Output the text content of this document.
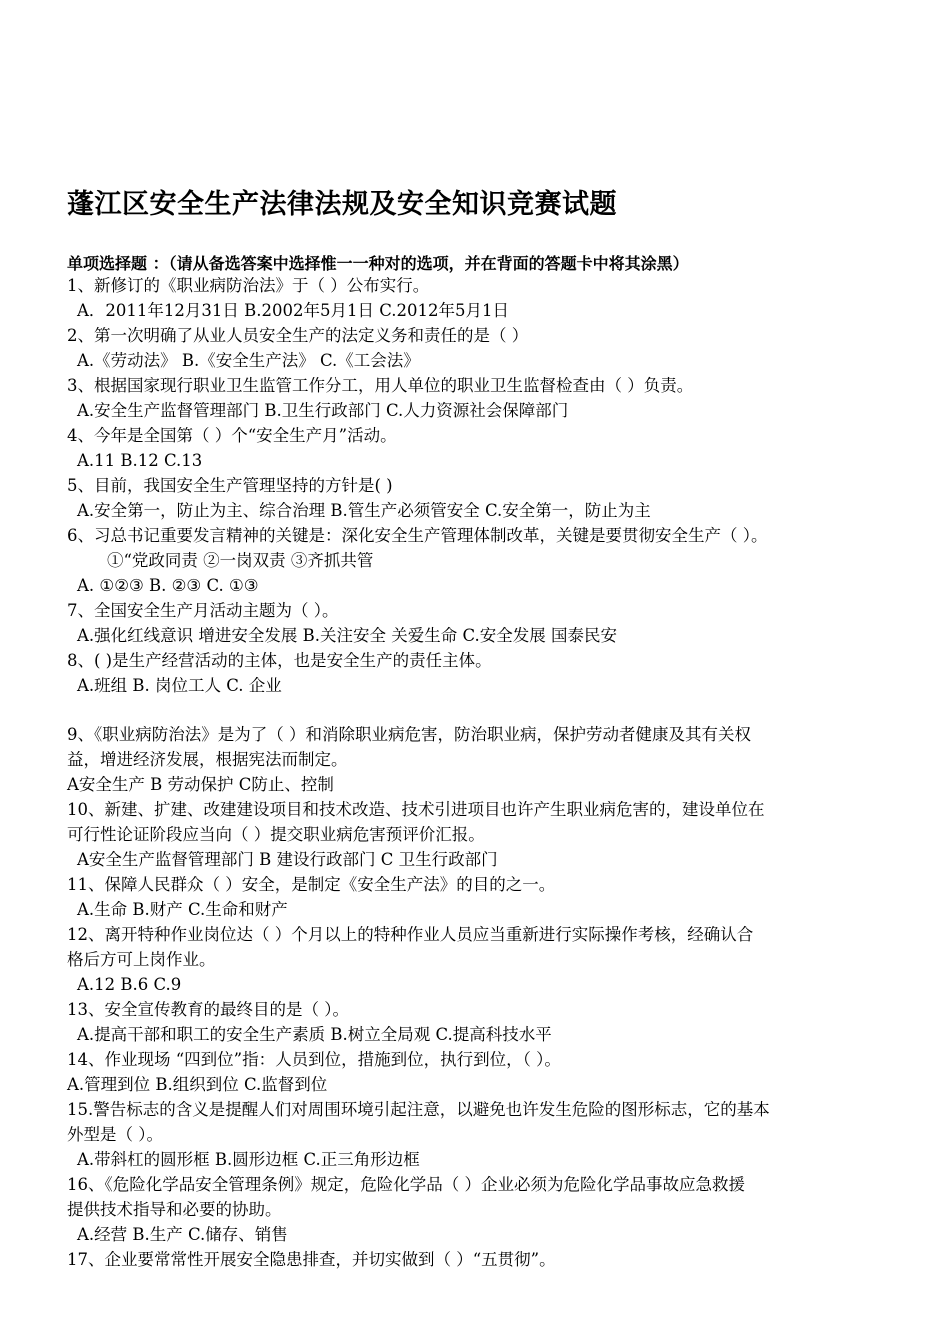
蓬江区安全生产法律法规及安全知识竞赛试题
单项选择题 ：（请从备选答案中选择惟一一种对的选项，并在背面的答题卡中将其涂黑）
1、新修订的《职业病防治法》于（ ）公布实行。
A．2011年12月31日 B.2002年5月1日 C.2012年5月1日
2、第一次明确了从业人员安全生产的法定义务和责任的是（ ）
A.《劳动法》 B.《安全生产法》 C.《工会法》
3、根据国家现行职业卫生监管工作分工，用人单位的职业卫生监督检查由（ ）负责。
A.安全生产监督管理部门 B.卫生行政部门 C.人力资源社会保障部门
4、今年是全国第（ ）个“安全生产月”活动。
A.11 B.12 C.13
5、目前，我国安全生产管理坚持的方针是( )
A.安全第一，防止为主、综合治理 B.管生产必须管安全 C.安全第一，防止为主
6、习总书记重要发言精神的关键是：深化安全生产管理体制改革，关键是要贯彻安全生产（ ）。
①“党政同责 ②一岗双责 ③齐抓共管
A. ①②③ B. ②③ C. ①③
7、全国安全生产月活动主题为（ ）。
A.强化红线意识 增进安全发展 B.关注安全 关爱生命 C.安全发展 国泰民安
8、( )是生产经营活动的主体，也是安全生产的责任主体。
A.班组 B. 岗位工人 C. 企业
9、《职业病防治法》是为了（ ）和消除职业病危害，防治职业病，保护劳动者健康及其有关权
益，增进经济发展，根据宪法而制定。
A安全生产 B 劳动保护 C防止、控制
10、新建、扩建、改建建设项目和技术改造、技术引进项目也许产生职业病危害的，建设单位在
可行性论证阶段应当向（ ）提交职业病危害预评价汇报。
A安全生产监督管理部门 B 建设行政部门 C 卫生行政部门
11、保障人民群众（ ）安全，是制定《安全生产法》的目的之一。
A.生命 B.财产 C.生命和财产
12、离开特种作业岗位达（ ）个月以上的特种作业人员应当重新进行实际操作考核，经确认合
格后方可上岗作业。
A.12 B.6 C.9
13、安全宣传教育的最终目的是（ ）。
A.提高干部和职工的安全生产素质 B.树立全局观 C.提高科技水平
14、作业现场 “四到位”指：人员到位，措施到位，执行到位，（ ）。
A.管理到位 B.组织到位 C.监督到位
15.警告标志的含义是提醒人们对周围环境引起注意，以避免也许发生危险的图形标志，它的基本
外型是（ ）。
A.带斜杠的圆形框 B.圆形边框 C.正三角形边框
16、《危险化学品安全管理条例》规定，危险化学品（ ）企业必须为危险化学品事故应急救援
提供技术指导和必要的协助。
A.经营 B.生产 C.储存、销售
17、企业要常常性开展安全隐患排查，并切实做到（ ）“五贯彻”。
